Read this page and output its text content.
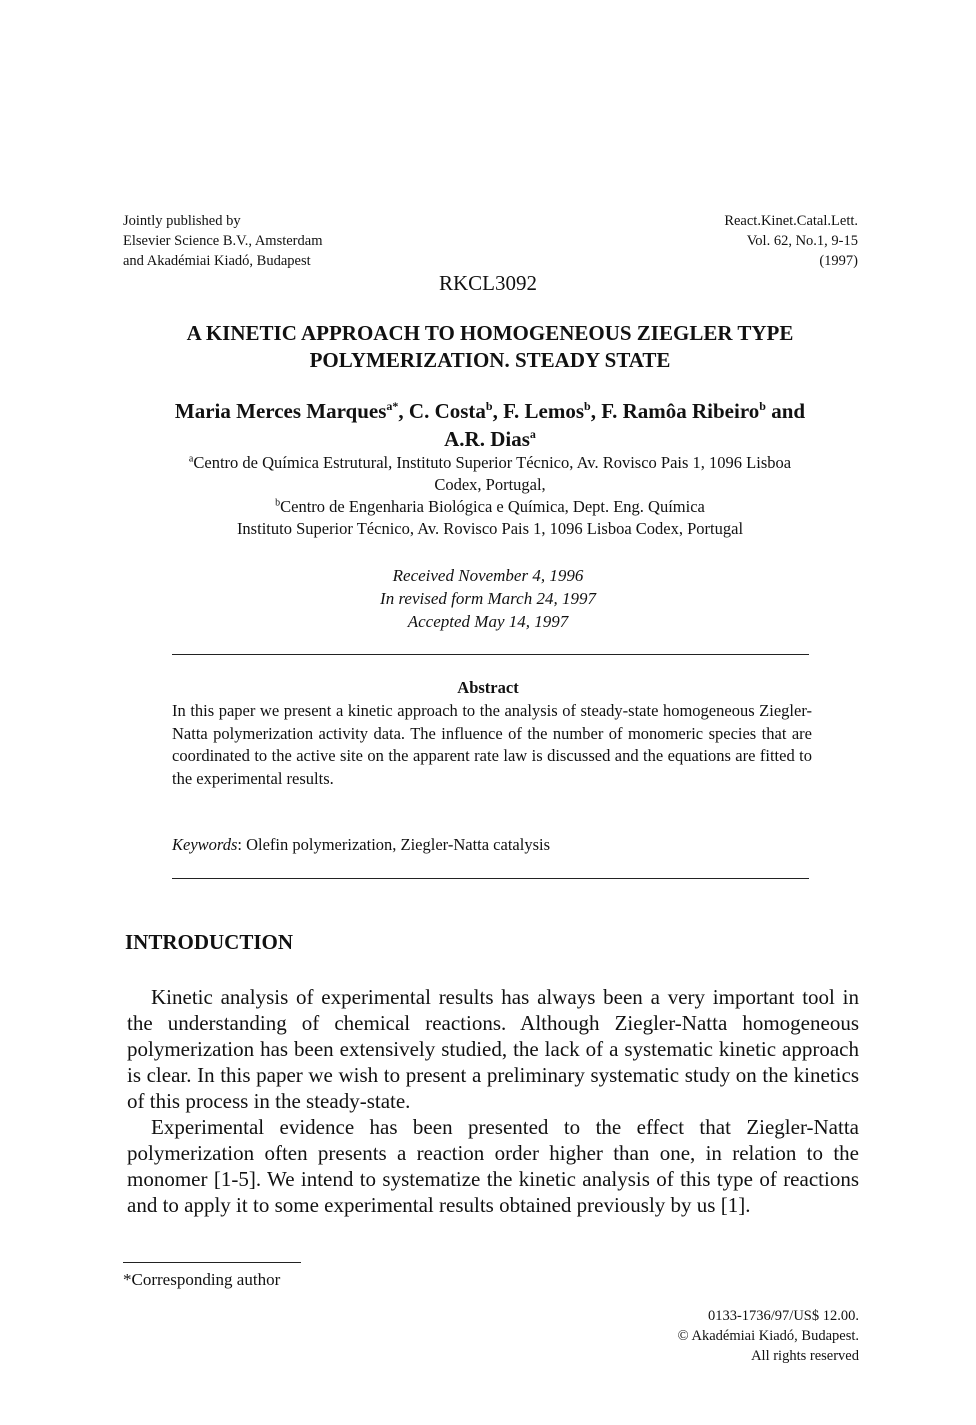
Jointly published by
Elsevier Science B.V., Amsterdam
and Akadémiai Kiadó, Budapest
React.Kinet.Catal.Lett.
Vol. 62, No.1, 9-15
(1997)
RKCL3092
A KINETIC APPROACH TO HOMOGENEOUS ZIEGLER TYPE
POLYMERIZATION. STEADY STATE
Maria Merces Marques$^{a*}$, C. Costa$^b$, F. Lemos$^b$, F. Ramôa Ribeiro$^b$ and
A.R. Dias$^a$
$^a$Centro de Química Estrutural, Instituto Superior Técnico, Av. Rovisco Pais 1, 1096 Lisboa
Codex, Portugal,
$^b$Centro de Engenharia Biológica e Química, Dept. Eng. Química
Instituto Superior Técnico, Av. Rovisco Pais 1, 1096 Lisboa Codex, Portugal
Received November 4, 1996
In revised form March 24, 1997
Accepted May 14, 1997
Abstract
In this paper we present a kinetic approach to the analysis of steady-state homogeneous Ziegler-Natta polymerization activity data. The influence of the number of monomeric species that are coordinated to the active site on the apparent rate law is discussed and the equations are fitted to the experimental results.
Keywords: Olefin polymerization, Ziegler-Natta catalysis
INTRODUCTION

Kinetic analysis of experimental results has always been a very important tool in the understanding of chemical reactions. Although Ziegler-Natta homogeneous polymerization has been extensively studied, the lack of a systematic kinetic approach is clear. In this paper we wish to present a preliminary systematic study on the kinetics of this process in the steady-state.

Experimental evidence has been presented to the effect that Ziegler-Natta polymerization often presents a reaction order higher than one, in relation to the monomer [1-5]. We intend to systematize the kinetic analysis of this type of reactions and to apply it to some experimental results obtained previously by us [1].

*Corresponding author
0133-1736/97/US$ 12.00.
© Akadémiai Kiadó, Budapest.
All rights reserved
